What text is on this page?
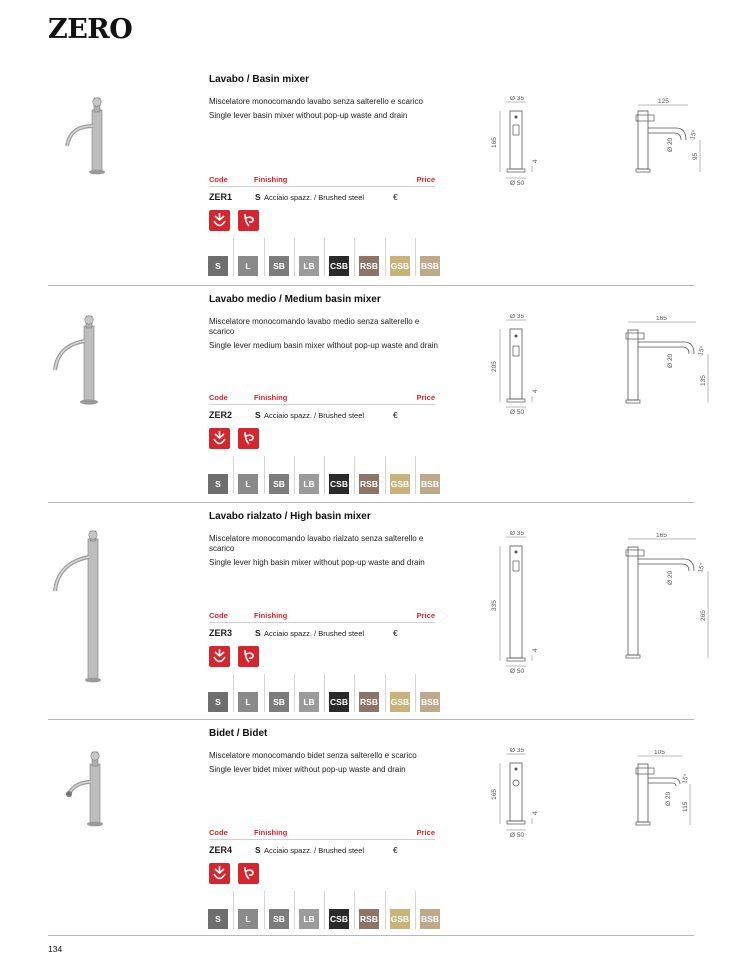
ZERO
Lavabo / Basin mixer
Miscelatore monocomando lavabo senza salterello e scarico
Single lever basin mixer without pop-up waste and drain
Code	Finishing	Price
ZER1	S Acciaio spazz. / Brushed steel	€
S	L	SB	LB	CSB RSB GSB BSB
Ø 35
165
4
Ø 50
125
Ø 20
15°
95
Lavabo medio / Medium basin mixer
Miscelatore monocomando lavabo medio senza salterello e scarico
Single lever medium basin mixer without pop-up waste and drain
Code	Finishing	Price
ZER2	S Acciaio spazz. / Brushed steel	€
S	L	SB	LB	CSB RSB GSB BSB
Ø 35
205
4
Ø 50
165
Ø 20
15°
135
Lavabo rialzato / High basin mixer
Miscelatore monocomando lavabo rialzato senza salterello e scarico
Single lever high basin mixer without pop-up waste and drain
Code	Finishing	Price
ZER3	S Acciaio spazz. / Brushed steel	€
S	L	SB	LB	CSB RSB GSB BSB
Ø 35
335
4
Ø 50
165
Ø 20
15°
265
Bidet / Bidet
Miscelatore monocomando bidet senza salterello e scarico
Single lever bidet mixer without pop-up waste and drain
Code	Finishing	Price
ZER4	S Acciaio spazz. / Brushed steel	€
S	L	SB	LB	CSB RSB GSB BSB
Ø 35
165
4
Ø 50
105
Ø 20
15°
115
134
